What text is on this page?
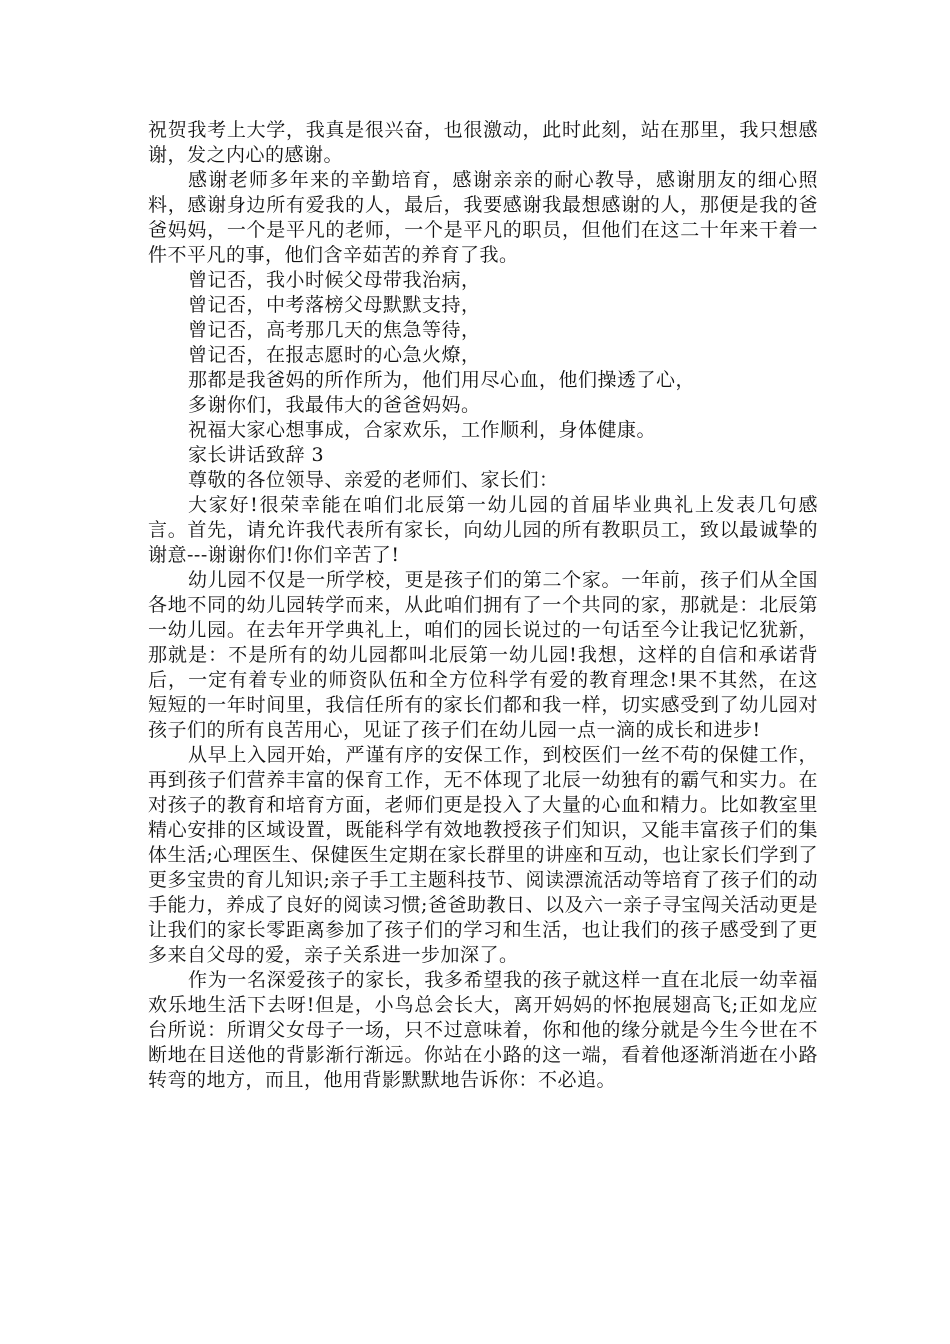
祝贺我考上大学，我真是很兴奋，也很激动，此时此刻，站在那里，我只想感谢，发之内心的感谢。

感谢老师多年来的辛勤培育，感谢亲亲的耐心教导，感谢朋友的细心照料，感谢身边所有爱我的人，最后，我要感谢我最想感谢的人，那便是我的爸爸妈妈，一个是平凡的老师，一个是平凡的职员，但他们在这二十年来干着一件不平凡的事，他们含辛茹苦的养育了我。

曾记否，我小时候父母带我治病，

曾记否，中考落榜父母默默支持，

曾记否，高考那几天的焦急等待，

曾记否，在报志愿时的心急火燎，

那都是我爸妈的所作所为，他们用尽心血，他们操透了心，

多谢你们，我最伟大的爸爸妈妈。

祝福大家心想事成，合家欢乐，工作顺利，身体健康。

家长讲话致辞 3

尊敬的各位领导、亲爱的老师们、家长们：

大家好!很荣幸能在咱们北辰第一幼儿园的首届毕业典礼上发表几句感言。首先，请允许我代表所有家长，向幼儿园的所有教职员工，致以最诚挚的谢意---谢谢你们!你们辛苦了!

幼儿园不仅是一所学校，更是孩子们的第二个家。一年前，孩子们从全国各地不同的幼儿园转学而来，从此咱们拥有了一个共同的家，那就是：北辰第一幼儿园。在去年开学典礼上，咱们的园长说过的一句话至今让我记忆犹新，那就是：不是所有的幼儿园都叫北辰第一幼儿园!我想，这样的自信和承诺背后，一定有着专业的师资队伍和全方位科学有爱的教育理念!果不其然，在这短短的一年时间里，我信任所有的家长们都和我一样，切实感受到了幼儿园对孩子们的所有良苦用心，见证了孩子们在幼儿园一点一滴的成长和进步!

从早上入园开始，严谨有序的安保工作，到校医们一丝不苟的保健工作，再到孩子们营养丰富的保育工作，无不体现了北辰一幼独有的霸气和实力。在对孩子的教育和培育方面，老师们更是投入了大量的心血和精力。比如教室里精心安排的区域设置，既能科学有效地教授孩子们知识，又能丰富孩子们的集体生活;心理医生、保健医生定期在家长群里的讲座和互动，也让家长们学到了更多宝贵的育儿知识;亲子手工主题科技节、阅读漂流活动等培育了孩子们的动手能力，养成了良好的阅读习惯;爸爸助教日、以及六一亲子寻宝闯关活动更是让我们的家长零距离参加了孩子们的学习和生活，也让我们的孩子感受到了更多来自父母的爱，亲子关系进一步加深了。

作为一名深爱孩子的家长，我多希望我的孩子就这样一直在北辰一幼幸福欢乐地生活下去呀!但是，小鸟总会长大，离开妈妈的怀抱展翅高飞;正如龙应台所说：所谓父女母子一场，只不过意味着，你和他的缘分就是今生今世在不断地在目送他的背影渐行渐远。你站在小路的这一端，看着他逐渐消逝在小路转弯的地方，而且，他用背影默默地告诉你：不必追。
